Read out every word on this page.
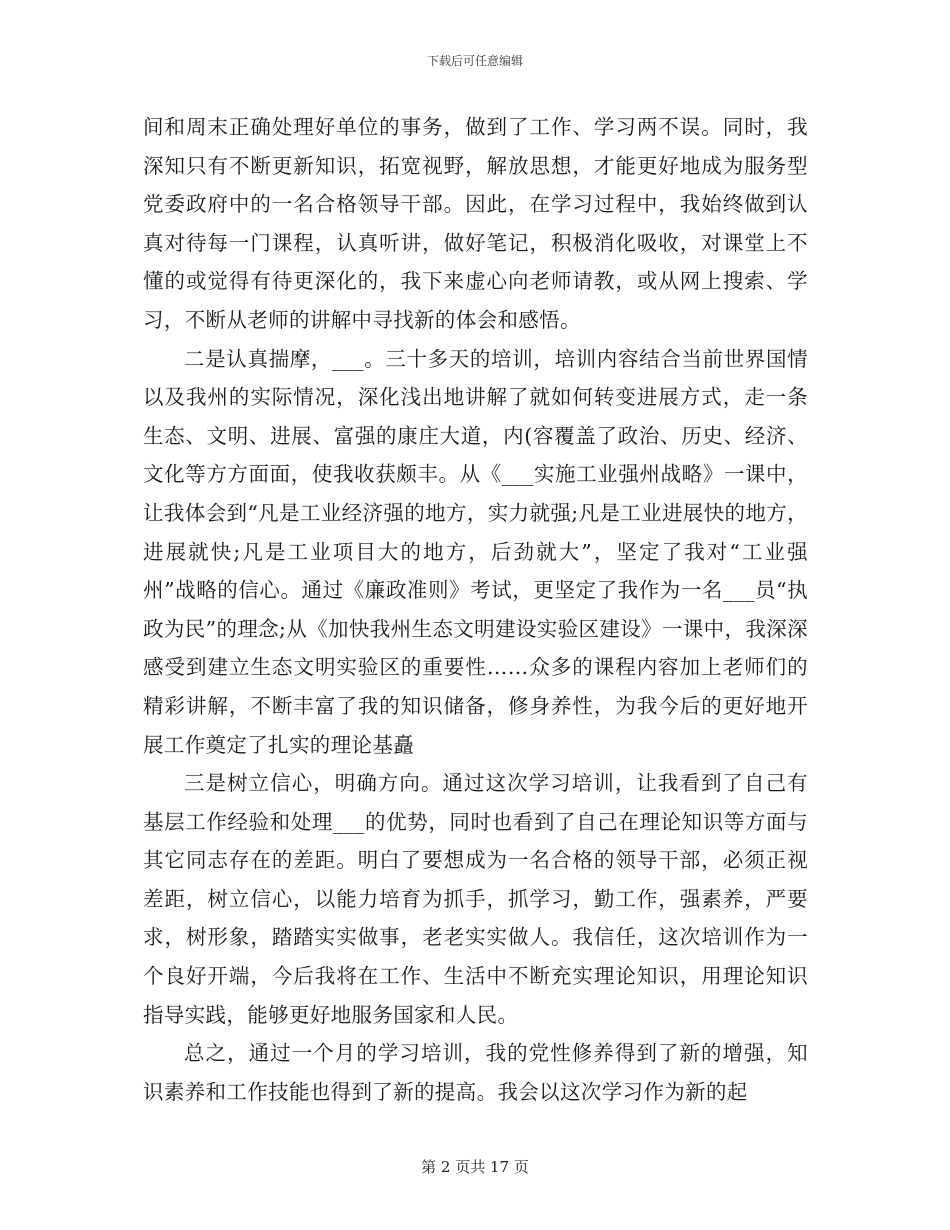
下载后可任意编辑

间和周末正确处理好单位的事务，做到了工作、学习两不误。同时，我深知只有不断更新知识，拓宽视野，解放思想，才能更好地成为服务型党委政府中的一名合格领导干部。因此，在学习过程中，我始终做到认真对待每一门课程，认真听讲，做好笔记，积极消化吸收，对课堂上不懂的或觉得有待更深化的，我下来虚心向老师请教，或从网上搜索、学习，不断从老师的讲解中寻找新的体会和感悟。

二是认真揣摩，___。三十多天的培训，培训内容结合当前世界国情以及我州的实际情况，深化浅出地讲解了就如何转变进展方式，走一条生态、文明、进展、富强的康庄大道，内(容覆盖了政治、历史、经济、文化等方方面面，使我收获颇丰。从《___实施工业强州战略》一课中，让我体会到“凡是工业经济强的地方，实力就强;凡是工业进展快的地方，进展就快;凡是工业项目大的地方，后劲就大”，坚定了我对“工业强州”战略的信心。通过《廉政准则》考试，更坚定了我作为一名___员“执政为民”的理念;从《加快我州生态文明建设实验区建设》一课中，我深深感受到建立生态文明实验区的重要性……众多的课程内容加上老师们的精彩讲解，不断丰富了我的知识储备，修身养性，为我今后的更好地开展工作奠定了扎实的理论基矗

三是树立信心，明确方向。通过这次学习培训，让我看到了自己有基层工作经验和处理___的优势，同时也看到了自己在理论知识等方面与其它同志存在的差距。明白了要想成为一名合格的领导干部，必须正视差距，树立信心，以能力培育为抓手，抓学习，勤工作，强素养，严要求，树形象，踏踏实实做事，老老实实做人。我信任，这次培训作为一个良好开端，今后我将在工作、生活中不断充实理论知识，用理论知识指导实践，能够更好地服务国家和人民。

总之，通过一个月的学习培训，我的党性修养得到了新的增强，知识素养和工作技能也得到了新的提高。我会以这次学习作为新的起

第 2 页共 17 页
